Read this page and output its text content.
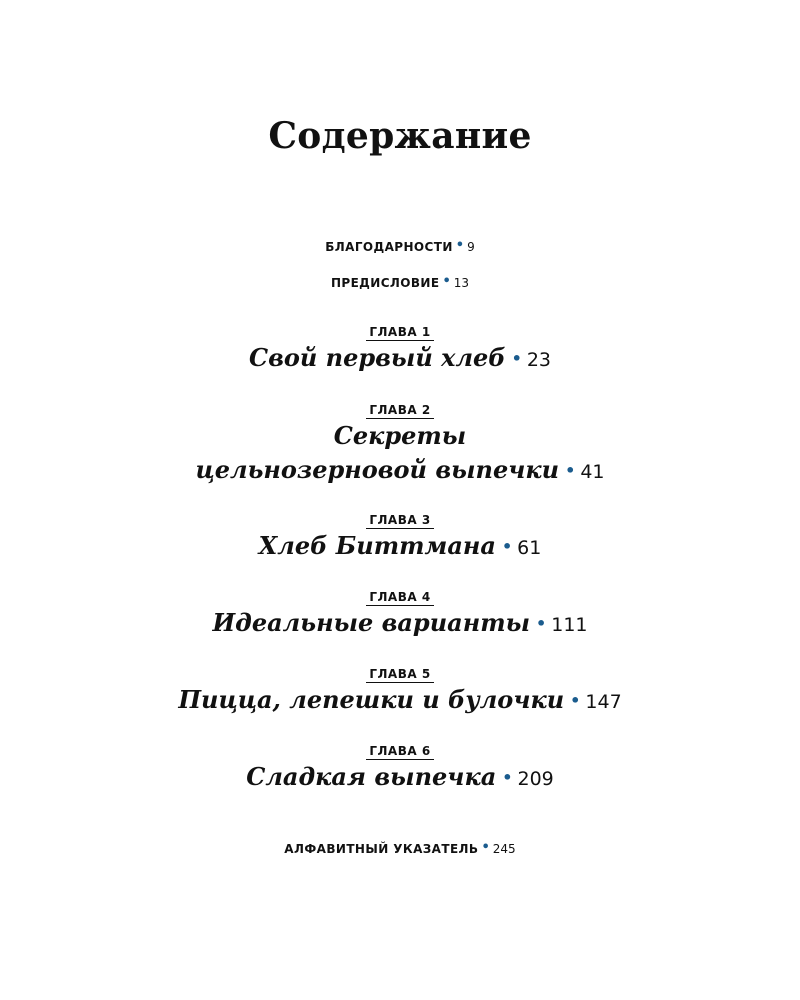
Содержание
БЛАГОДАРНОСТИ • 9
ПРЕДИСЛОВИЕ • 13
ГЛАВА 1
Свой первый хлеб • 23
ГЛАВА 2
Секреты
цельнозерновой выпечки • 41
ГЛАВА 3
Хлеб Биттмана • 61
ГЛАВА 4
Идеальные варианты • 111
ГЛАВА 5
Пицца, лепешки и булочки • 147
ГЛАВА 6
Сладкая выпечка • 209
АЛФАВИТНЫЙ УКАЗАТЕЛЬ • 245
